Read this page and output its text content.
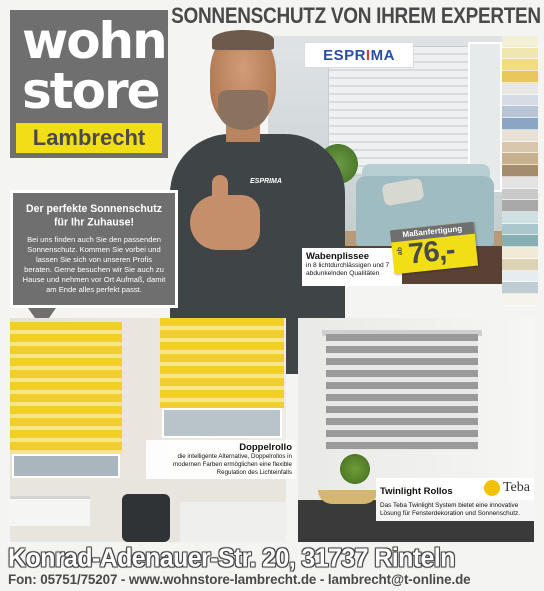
wohn
store
Lambrecht
SONNENSCHUTZ VON IHREM EXPERTEN
ESPRIMA
ESPRIMA
Der perfekte Sonnenschutz für Ihr Zuhause!
Bei uns finden auch Sie den passenden Sonnenschutz. Kommen Sie vorbei und lassen Sie sich von unseren Profis beraten. Gerne besuchen wir Sie auch zu Hause und nehmen vor Ort Aufmaß, damit am Ende alles perfekt passt.
Wabenplissee
in 8 lichtdurchlässigen und 7 abdunkelnden Qualitäten
Maßanfertigung
ab 76,-
Doppelrollo
die intelligente Alternative, Doppelrollos in modernen Farben ermöglichen eine flexible Regulation des Lichteinfalls
Twinlight Rollos	Teba
Das Teba Twinlight System bietet eine innovative Lösung für Fensterdekoration und Sonnenschutz.
Konrad-Adenauer-Str. 20, 31737 Rinteln
Fon: 05751/75207 - www.wohnstore-lambrecht.de - lambrecht@t-online.de
